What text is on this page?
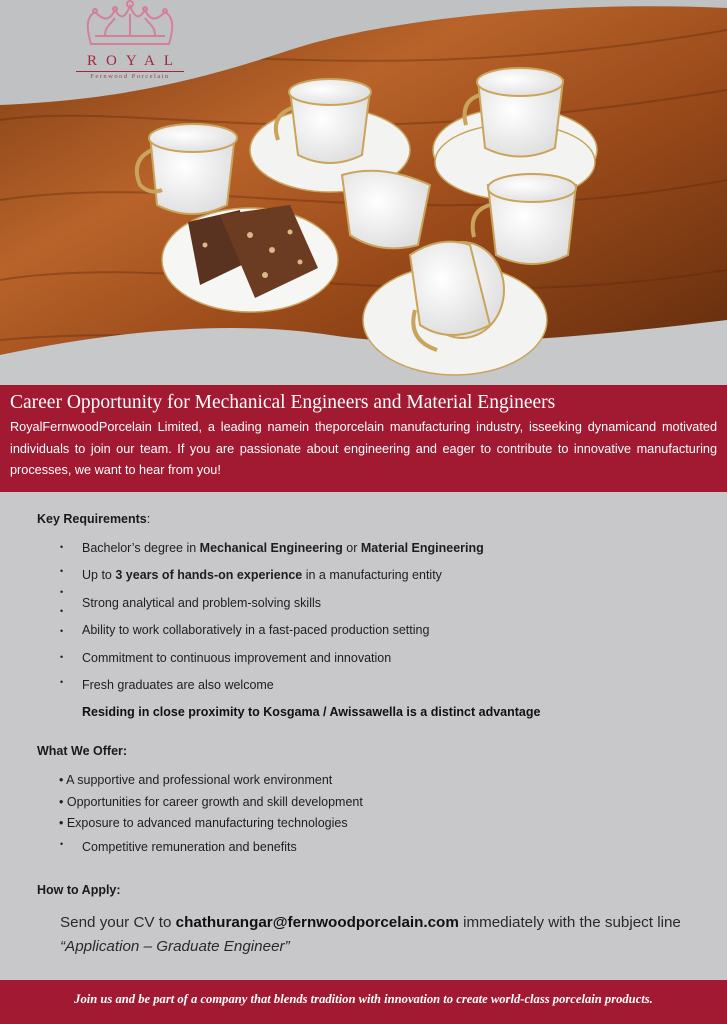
ROYAL
Fernwood Porcelain
Career Opportunity for Mechanical Engineers and Material Engineers
RoyalFernwoodPorcelain Limited, a leading namein theporcelain manufacturing industry, isseeking dynamicand motivated individuals to join our team. If you are passionate about engineering and eager to contribute to innovative manufacturing processes, we want to hear from you!
Key Requirements:
• Bachelor’s degree in Mechanical Engineering or Material Engineering
• Up to 3 years of hands-on experience in a manufacturing entity
•
Strong analytical and problem-solving skills
•
• Ability to work collaboratively in a fast-paced production setting
• Commitment to continuous improvement and innovation
• Fresh graduates are also welcome
Residing in close proximity to Kosgama / Awissawella is a distinct advantage
What We Offer:
• A supportive and professional work environment
• Opportunities for career growth and skill development
• Exposure to advanced manufacturing technologies
• Competitive remuneration and benefits
How to Apply:
Send your CV to chathurangar@fernwoodporcelain.com immediately with the subject line “Application – Graduate Engineer”
Join us and be part of a company that blends tradition with innovation to create world-class porcelain products.
